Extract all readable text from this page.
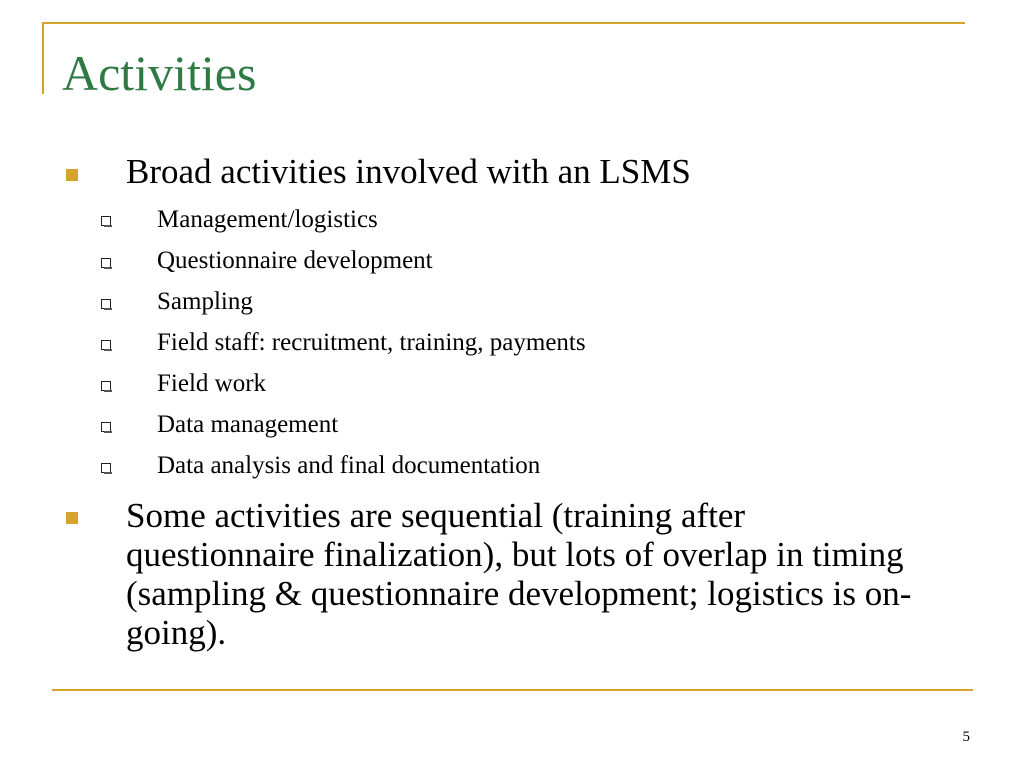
Activities
Broad activities involved with an LSMS
Management/logistics
Questionnaire development
Sampling
Field staff: recruitment, training, payments
Field work
Data management
Data analysis and final documentation
Some activities are sequential (training after questionnaire finalization), but lots of overlap in timing (sampling & questionnaire development; logistics is on-going).
5
